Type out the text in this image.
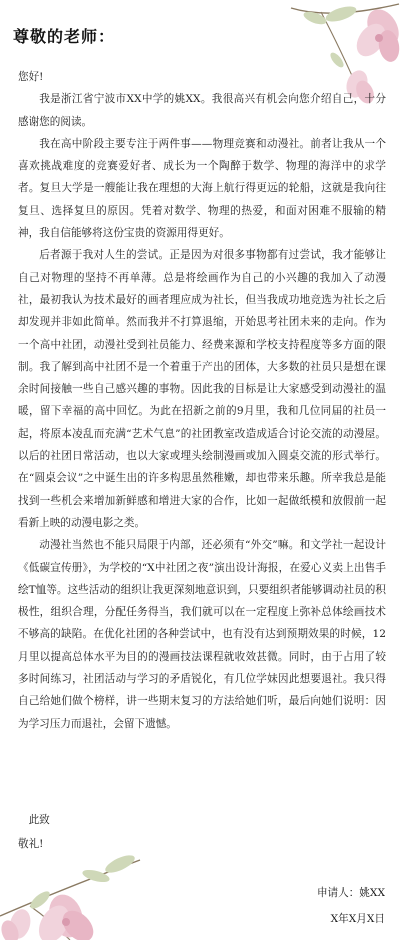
尊敬的老师：

您好!

我是浙江省宁波市XX中学的姚XX。我很高兴有机会向您介绍自己，十分感谢您的阅读。

我在高中阶段主要专注于两件事——物理竞赛和动漫社。前者让我从一个喜欢挑战难度的竞赛爱好者、成长为一个陶醉于数学、物理的海洋中的求学者。复旦大学是一艘能让我在理想的大海上航行得更远的轮船，这就是我向往复旦、选择复旦的原因。凭着对数学、物理的热爱，和面对困难不服输的精神，我自信能够将这份宝贵的资源用得更好。

后者源于我对人生的尝试。正是因为对很多事物都有过尝试，我才能够让自己对物理的坚持不再单薄。总是将绘画作为自己的小兴趣的我加入了动漫社，最初我认为技术最好的画者理应成为社长，但当我成功地竞选为社长之后却发现并非如此简单。然而我并不打算退缩，开始思考社团未来的走向。作为一个高中社团，动漫社受到社员能力、经费来源和学校支持程度等多方面的限制。我了解到高中社团不是一个着重于产出的团体，大多数的社员只是想在课余时间接触一些自己感兴趣的事物。因此我的目标是让大家感受到动漫社的温暖，留下幸福的高中回忆。为此在招新之前的9月里，我和几位同届的社员一起，将原本凌乱而充满“艺术气息”的社团教室改造成适合讨论交流的动漫屋。以后的社团日常活动，也以大家或埋头绘制漫画或加入圆桌交流的形式举行。在“圆桌会议”之中诞生出的许多构思虽然稚嫩，却也带来乐趣。所幸我总是能找到一些机会来增加新鲜感和增进大家的合作，比如一起做纸模和放假前一起看新上映的动漫电影之类。

动漫社当然也不能只局限于内部，还必须有“外交”嘛。和文学社一起设计《低碳宣传册》，为学校的“X中社团之夜”演出设计海报，在爱心义卖上出售手绘T恤等。这些活动的组织让我更深刻地意识到，只要组织者能够调动社员的积极性，组织合理，分配任务得当，我们就可以在一定程度上弥补总体绘画技术不够高的缺陷。在优化社团的各种尝试中，也有没有达到预期效果的时候，12月里以提高总体水平为目的的漫画技法课程就收效甚微。同时，由于占用了较多时间练习，社团活动与学习的矛盾锐化，有几位学妹因此想要退社。我只得自己给她们做个榜样，讲一些期末复习的方法给她们听，最后向她们说明：因为学习压力而退社，会留下遗憾。

此致
敬礼!
申请人：姚XX
X年X月X日
